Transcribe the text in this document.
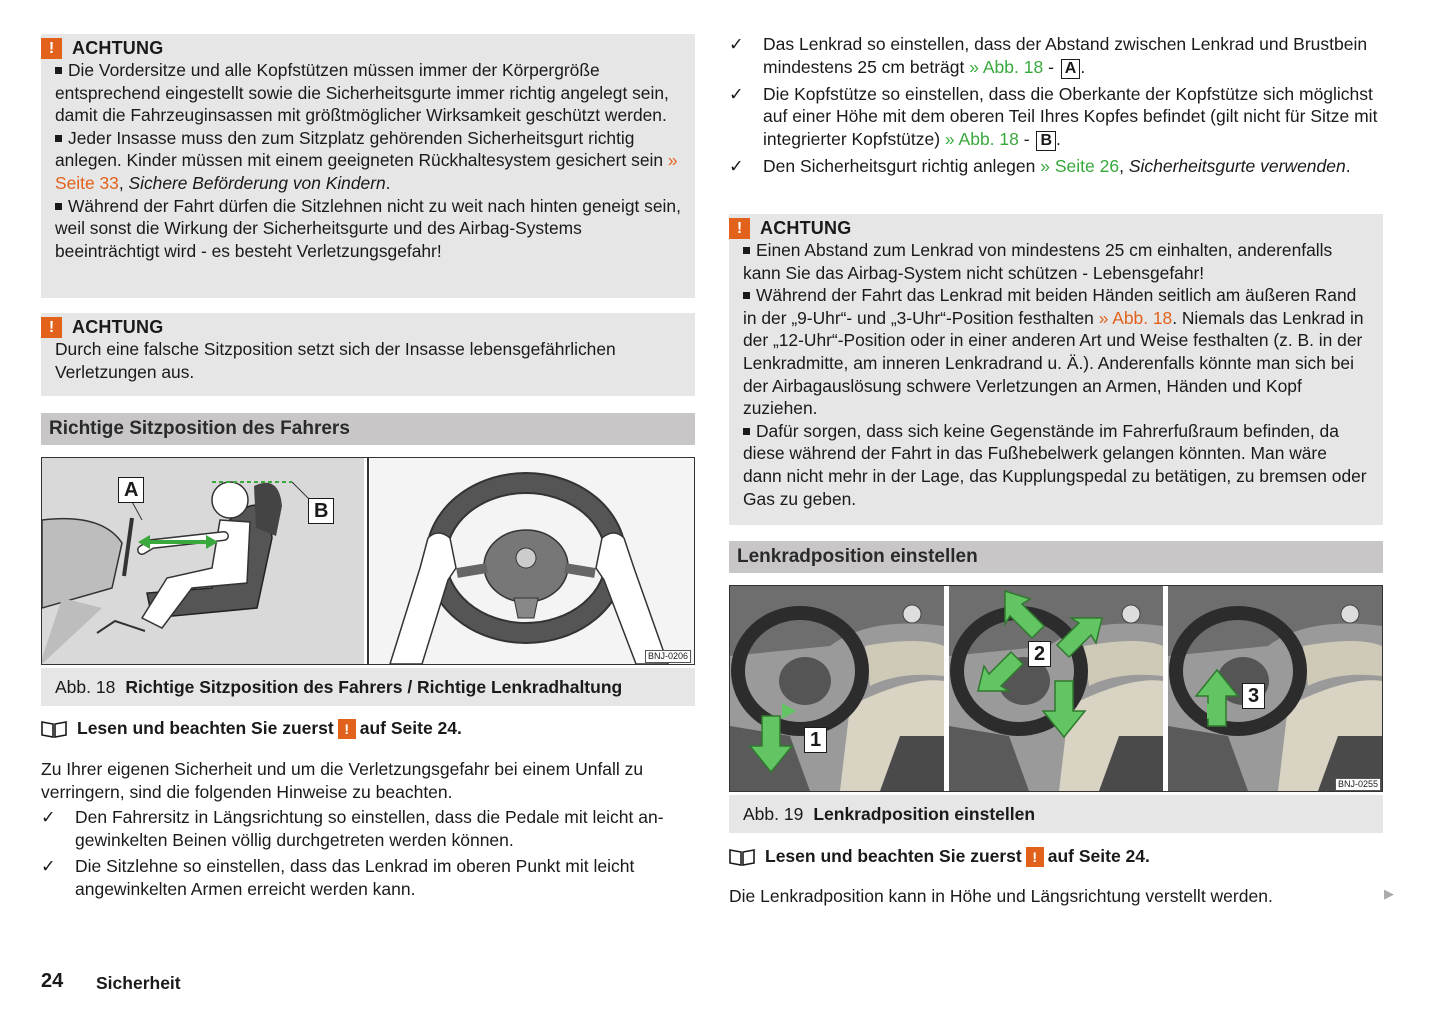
! ACHTUNG

Die Vordersitze und alle Kopfstützen müssen immer der Körpergröße entsprechend eingestellt sowie die Sicherheitsgurte immer richtig angelegt sein, damit die Fahrzeuginsassen mit größtmöglicher Wirksamkeit geschützt werden.

Jeder Insasse muss den zum Sitzplatz gehörenden Sicherheitsgurt richtig anlegen. Kinder müssen mit einem geeigneten Rückhaltesystem gesichert sein » Seite 33, Sichere Beförderung von Kindern.

Während der Fahrt dürfen die Sitzlehnen nicht zu weit nach hinten geneigt sein, weil sonst die Wirkung der Sicherheitsgurte und des Airbag-Systems beeinträchtigt wird - es besteht Verletzungsgefahr!

! ACHTUNG
Durch eine falsche Sitzposition setzt sich der Insasse lebensgefährlichen Verletzungen aus.
Richtige Sitzposition des Fahrers
A
B
BNJ-0206
Abb. 18 Richtige Sitzposition des Fahrers / Richtige Lenkradhaltung
Lesen und beachten Sie zuerst ! auf Seite 24.
Zu Ihrer eigenen Sicherheit und um die Verletzungsgefahr bei einem Unfall zu verringern, sind die folgenden Hinweise zu beachten.
✓	Den Fahrersitz in Längsrichtung so einstellen, dass die Pedale mit leicht angewinkelten Beinen völlig durchgetreten werden können.
✓	Die Sitzlehne so einstellen, dass das Lenkrad im oberen Punkt mit leicht angewinkelten Armen erreicht werden kann.
✓	Das Lenkrad so einstellen, dass der Abstand zwischen Lenkrad und Brustbein mindestens 25 cm beträgt » Abb. 18 - A .
✓	Die Kopfstütze so einstellen, dass die Oberkante der Kopfstütze sich möglichst auf einer Höhe mit dem oberen Teil Ihres Kopfes befindet (gilt nicht für Sitze mit integrierter Kopfstütze) » Abb. 18 - B .
✓	Den Sicherheitsgurt richtig anlegen » Seite 26, Sicherheitsgurte verwenden.
! ACHTUNG

Einen Abstand zum Lenkrad von mindestens 25 cm einhalten, anderenfalls kann Sie das Airbag-System nicht schützen - Lebensgefahr!

Während der Fahrt das Lenkrad mit beiden Händen seitlich am äußeren Rand in der „9-Uhr“- und „3-Uhr“-Position festhalten » Abb. 18. Niemals das Lenkrad in der „12-Uhr“-Position oder in einer anderen Art und Weise festhalten (z. B. in der Lenkradmitte, am inneren Lenkradrand u. Ä.). Anderenfalls könnte man sich bei der Airbagauslösung schwere Verletzungen an Armen, Händen und Kopf zuziehen.

Dafür sorgen, dass sich keine Gegenstände im Fahrerfußraum befinden, da diese während der Fahrt in das Fußhebelwerk gelangen könnten. Man wäre dann nicht mehr in der Lage, das Kupplungspedal zu betätigen, zu bremsen oder Gas zu geben.

Lenkradposition einstellen
1
2
3
BNJ-0255
Abb. 19 Lenkradposition einstellen
Lesen und beachten Sie zuerst ! auf Seite 24.
Die Lenkradposition kann in Höhe und Längsrichtung verstellt werden.	▶
24 Sicherheit
